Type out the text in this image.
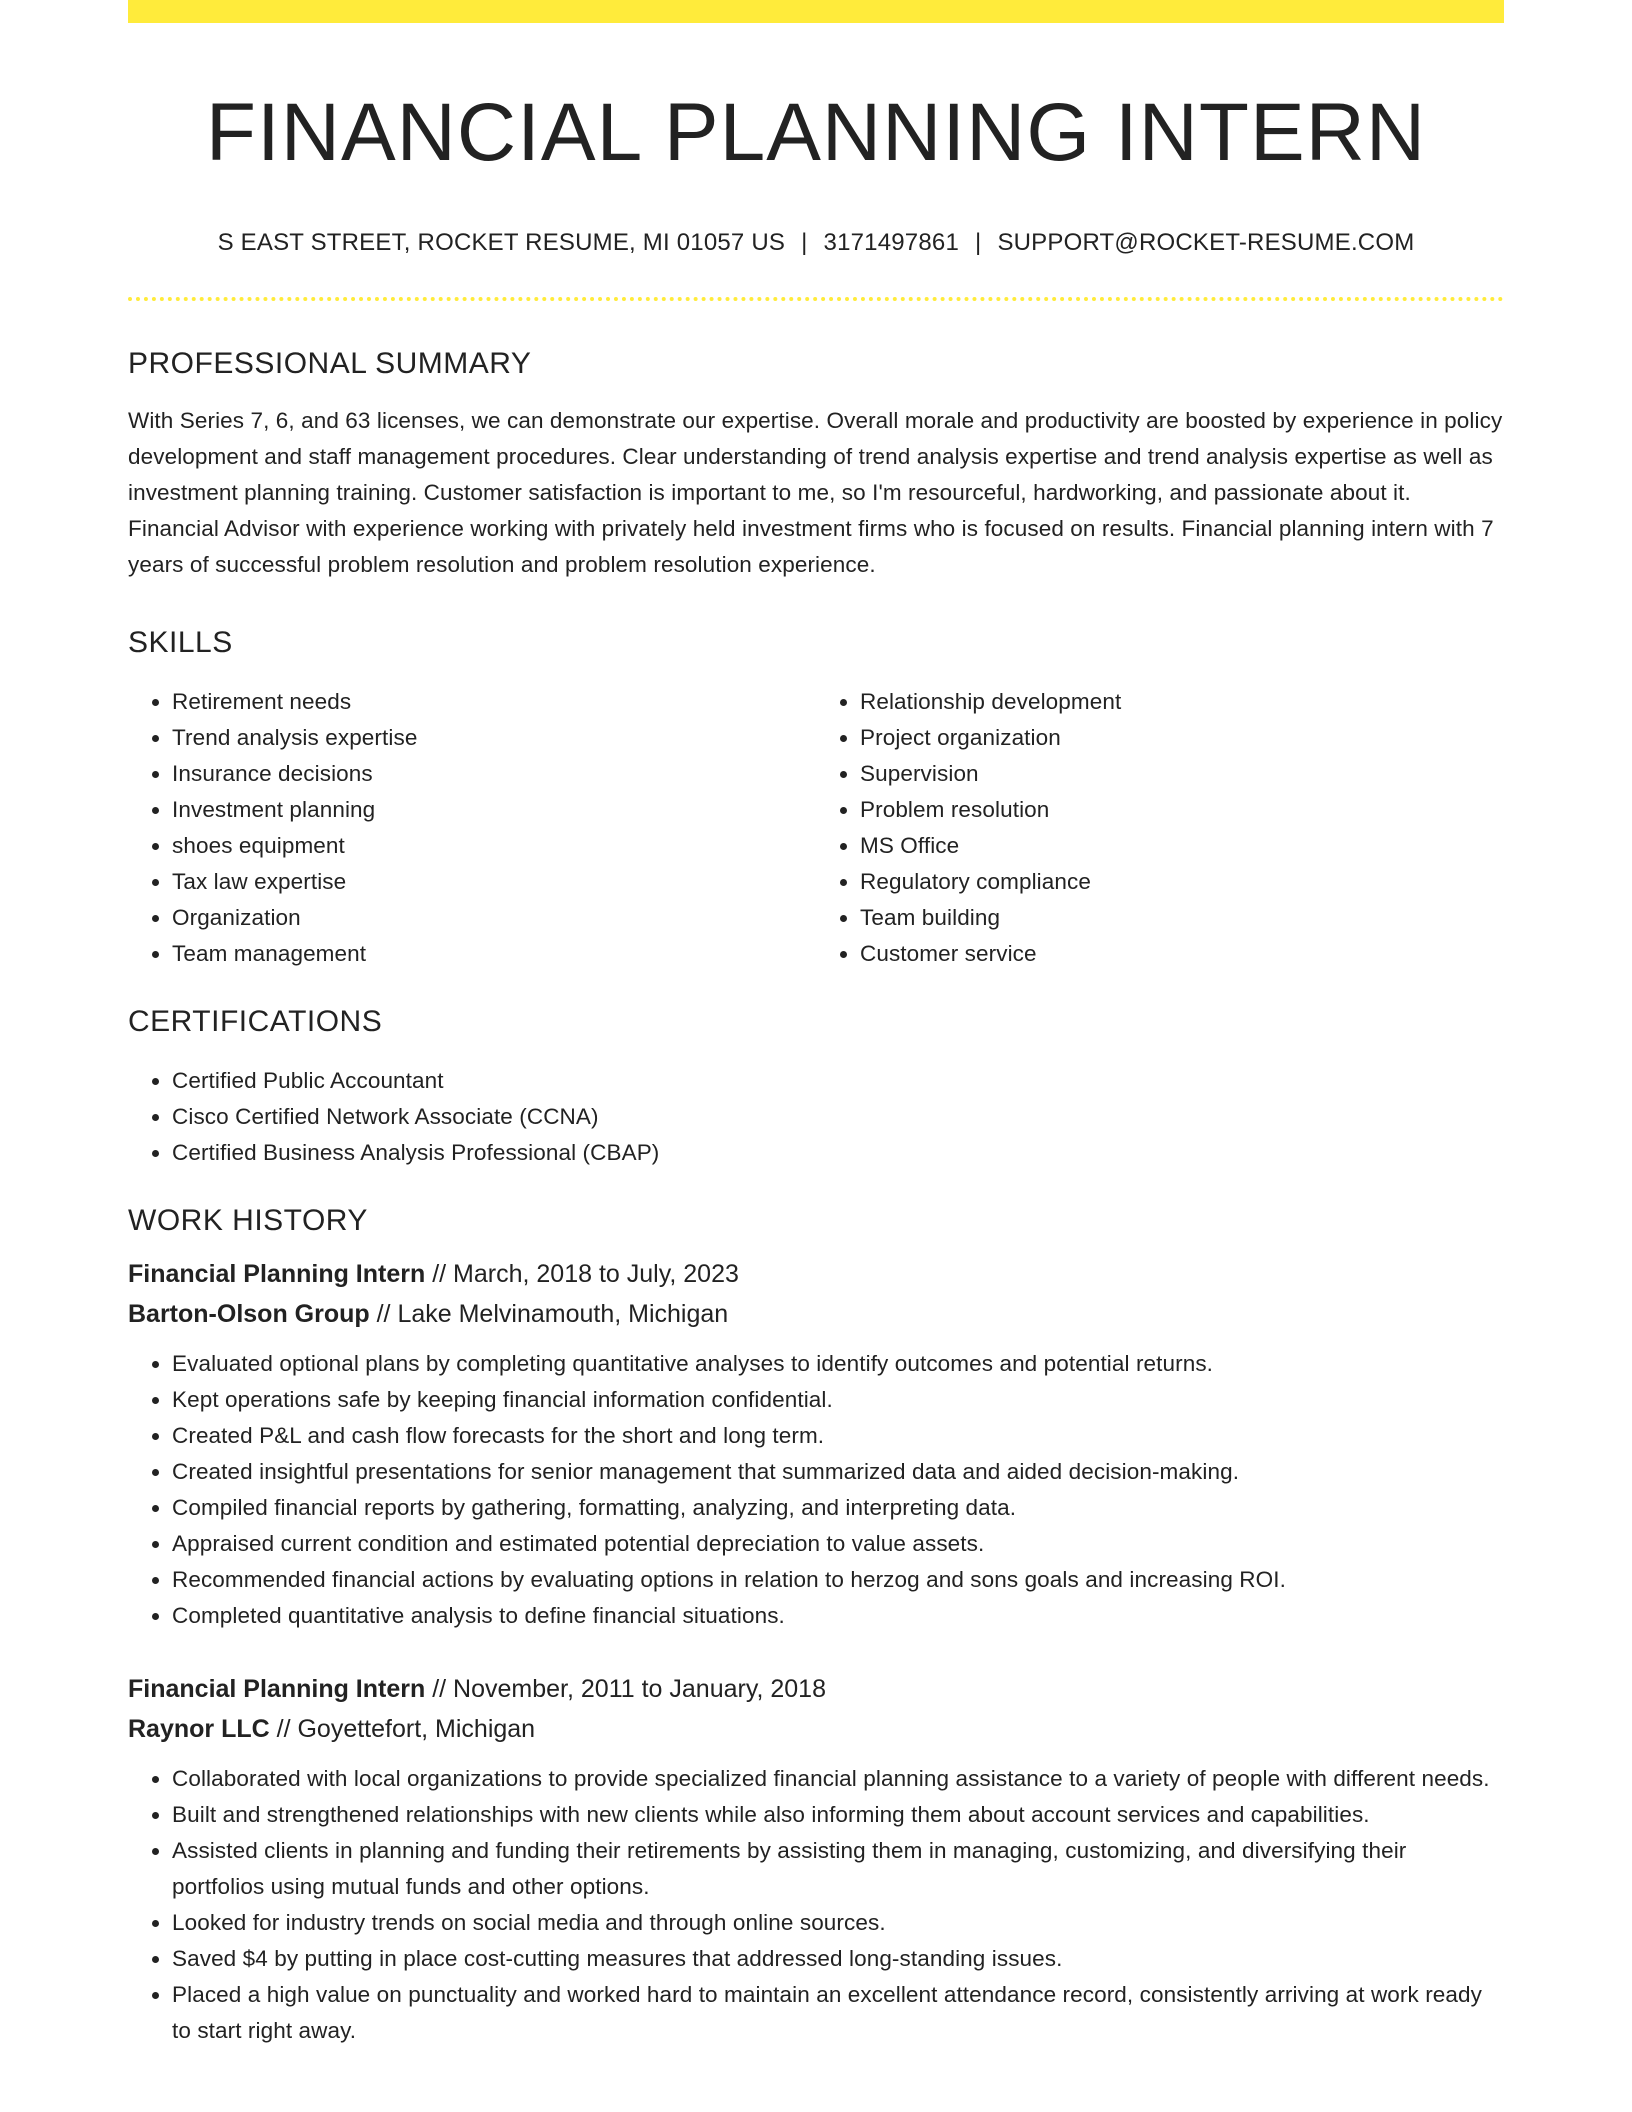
FINANCIAL PLANNING INTERN
S EAST STREET, ROCKET RESUME, MI 01057 US | 3171497861 | SUPPORT@ROCKET-RESUME.COM
PROFESSIONAL SUMMARY

With Series 7, 6, and 63 licenses, we can demonstrate our expertise. Overall morale and productivity are boosted by experience in policy development and staff management procedures. Clear understanding of trend analysis expertise and trend analysis expertise as well as investment planning training. Customer satisfaction is important to me, so I'm resourceful, hardworking, and passionate about it. Financial Advisor with experience working with privately held investment firms who is focused on results. Financial planning intern with 7 years of successful problem resolution and problem resolution experience.

SKILLS
• Retirement needs
• Trend analysis expertise
• Insurance decisions
• Investment planning
• shoes equipment
• Tax law expertise
• Organization
• Team management
• Relationship development
• Project organization
• Supervision
• Problem resolution
• MS Office
• Regulatory compliance
• Team building
• Customer service
CERTIFICATIONS
• Certified Public Accountant
• Cisco Certified Network Associate (CCNA)
• Certified Business Analysis Professional (CBAP)
WORK HISTORY
Financial Planning Intern // March, 2018 to July, 2023
Barton-Olson Group // Lake Melvinamouth, Michigan
• Evaluated optional plans by completing quantitative analyses to identify outcomes and potential returns.
• Kept operations safe by keeping financial information confidential.
• Created P&L and cash flow forecasts for the short and long term.
• Created insightful presentations for senior management that summarized data and aided decision-making.
• Compiled financial reports by gathering, formatting, analyzing, and interpreting data.
• Appraised current condition and estimated potential depreciation to value assets.
• Recommended financial actions by evaluating options in relation to herzog and sons goals and increasing ROI.
• Completed quantitative analysis to define financial situations.
Financial Planning Intern // November, 2011 to January, 2018
Raynor LLC // Goyettefort, Michigan
• Collaborated with local organizations to provide specialized financial planning assistance to a variety of people with different needs.
• Built and strengthened relationships with new clients while also informing them about account services and capabilities.
• Assisted clients in planning and funding their retirements by assisting them in managing, customizing, and diversifying their portfolios using mutual funds and other options.
• Looked for industry trends on social media and through online sources.
• Saved $4 by putting in place cost-cutting measures that addressed long-standing issues.
• Placed a high value on punctuality and worked hard to maintain an excellent attendance record, consistently arriving at work ready to start right away.
